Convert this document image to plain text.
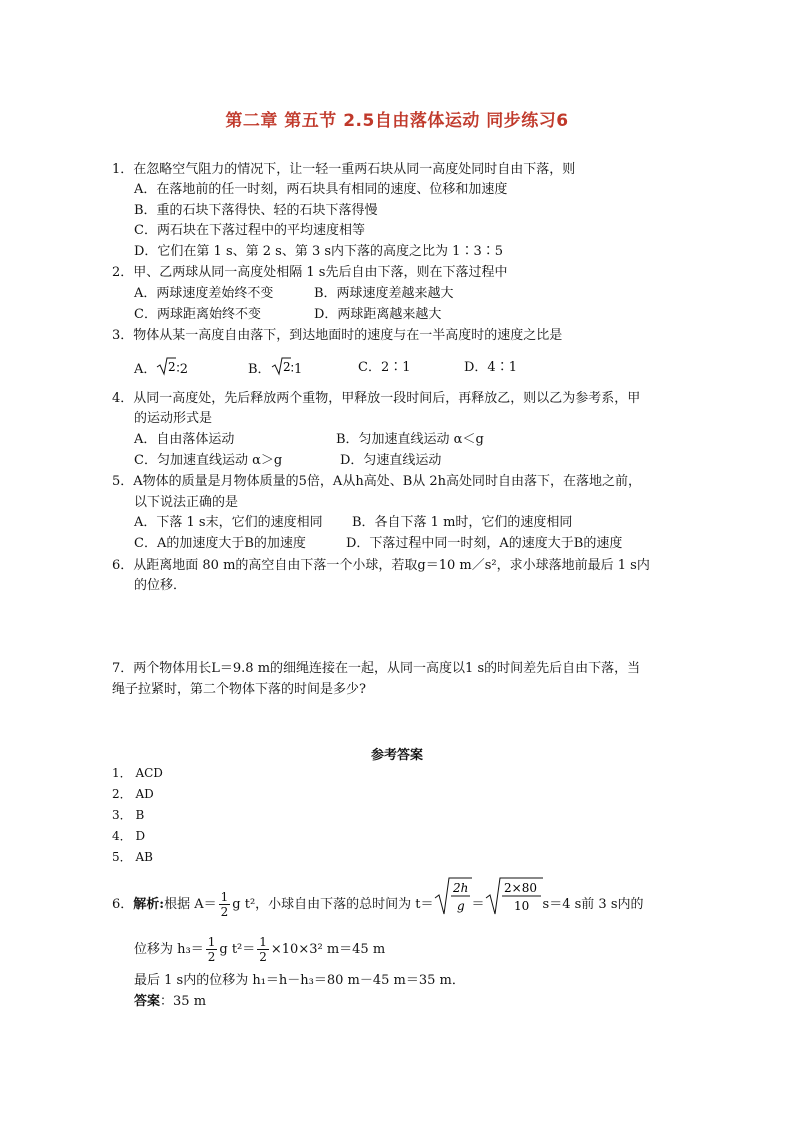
第二章 第五节 2.5自由落体运动 同步练习6
1．在忽略空气阻力的情况下，让一轻一重两石块从同一高度处同时自由下落，则
A．在落地前的任一时刻，两石块具有相同的速度、位移和加速度
B．重的石块下落得快、轻的石块下落得慢
C．两石块在下落过程中的平均速度相等
D．它们在第 1 s、第 2 s、第 3 s内下落的高度之比为 1∶3∶5
2．甲、乙两球从同一高度处相隔 1 s先后自由下落，则在下落过程中
A．两球速度差始终不变	B．两球速度差越来越大
C．两球距离始终不变	D．两球距离越来越大
3．物体从某一高度自由落下，到达地面时的速度与在一半高度时的速度之比是
A． 2 ∶2	B． 2 ∶1	C．2∶1	D．4∶1
4．从同一高度处，先后释放两个重物，甲释放一段时间后，再释放乙，则以乙为参考系，甲
的运动形式是
A．自由落体运动	B．匀加速直线运动 α＜g
C．匀加速直线运动 α＞g	D．匀速直线运动
5．A物体的质量是月物体质量的5倍，A从h高处、B从 2h高处同时自由落下，在落地之前，
以下说法正确的是
A．下落 1 s末，它们的速度相同 B．各自下落 1 m时，它们的速度相同
C．A的加速度大于B的加速度	D．下落过程中同一时刻，A的速度大于B的速度
6．从距离地面 80 m的高空自由下落一个小球，若取g＝10 m／s²，求小球落地前最后 1 s内
的位移．
7．两个物体用长L＝9.8 m的细绳连接在一起，从同一高度以1 s的时间差先后自由下落，当
绳子拉紧时，第二个物体下落的时间是多少?
参考答案
1． ACD
2． AD
3． B
4． D
5． AB
6．解析:根据 $A= \frac{1}{2}$ g t²，小球自由下落的总时间为 t＝
2h
g ＝
2×80
10 s＝4 s前 3 s内的
位移为 $h_3= \frac{1}{2}$ g $t^2= \frac{1}{2} \times 10\times 3^2$ m＝45 m
最后 1 s内的位移为 h₁＝h－h₃＝80 m－45 m＝35 m．
答案：35 m
